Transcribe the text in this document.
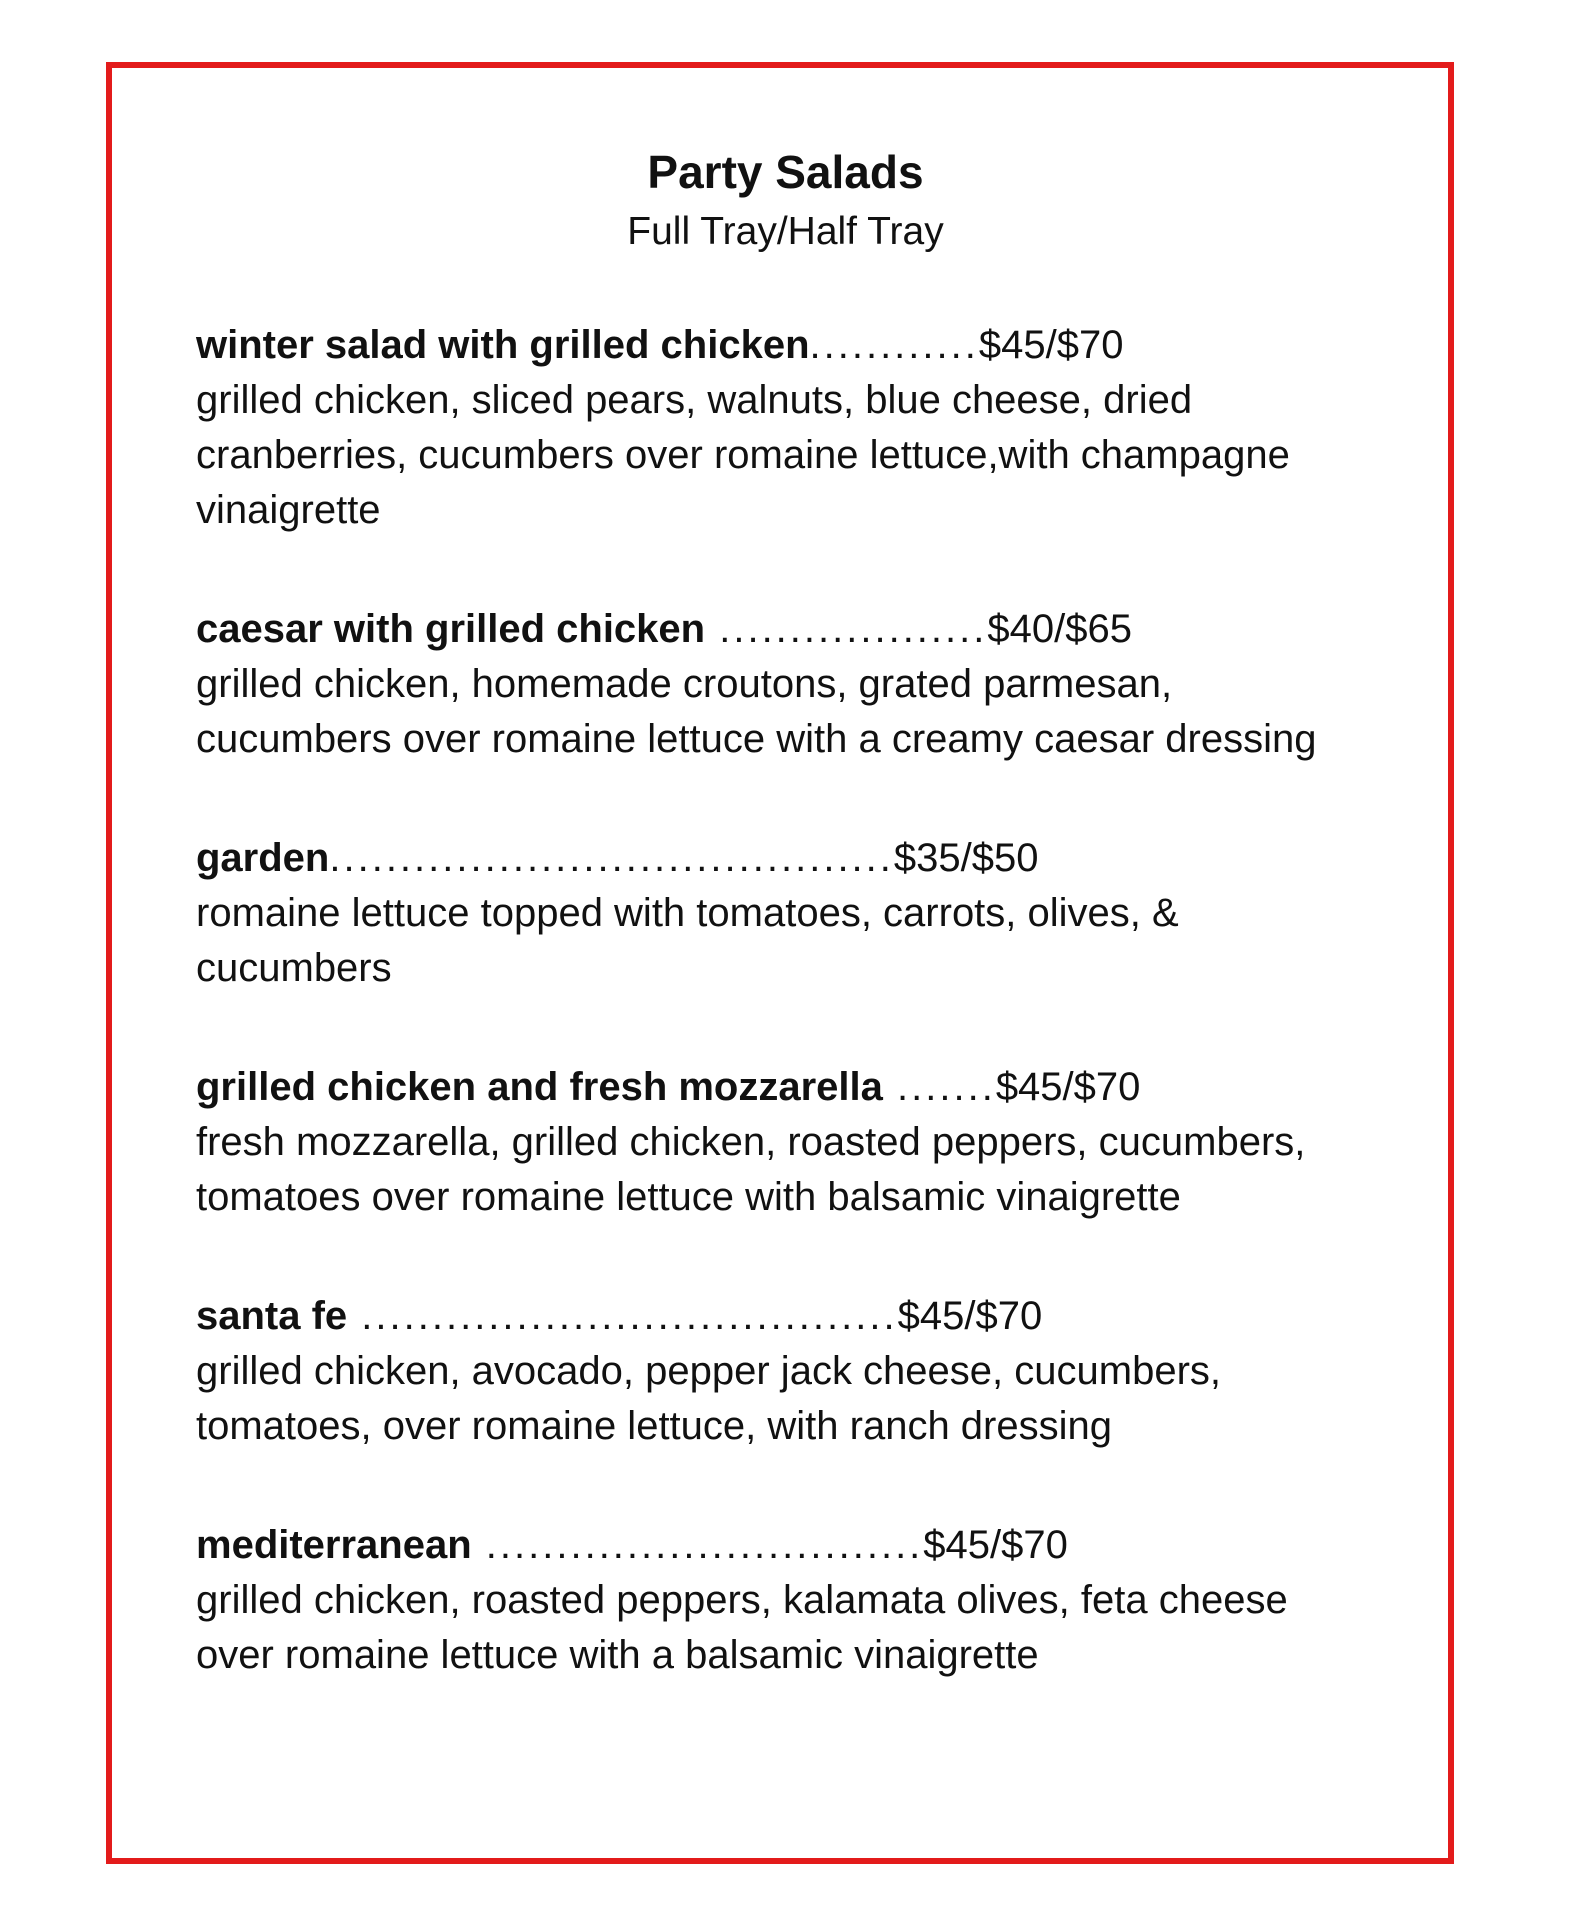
Party Salads

Full Tray/Half Tray

winter salad with grilled chicken............$45/$70

grilled chicken, sliced pears, walnuts, blue cheese, dried cranberries, cucumbers over romaine lettuce,with champagne vinaigrette

caesar with grilled chicken ...................$40/$65

grilled chicken, homemade croutons, grated parmesan, cucumbers over romaine lettuce with a creamy caesar dressing

garden........................................$35/$50

romaine lettuce topped with tomatoes, carrots, olives, & cucumbers

grilled chicken and fresh mozzarella .......$45/$70

fresh mozzarella, grilled chicken, roasted peppers, cucumbers, tomatoes over romaine lettuce with balsamic vinaigrette

santa fe ......................................$45/$70

grilled chicken, avocado, pepper jack cheese, cucumbers, tomatoes, over romaine lettuce, with ranch dressing

mediterranean ...............................$45/$70

grilled chicken, roasted peppers, kalamata olives, feta cheese over romaine lettuce with a balsamic vinaigrette
